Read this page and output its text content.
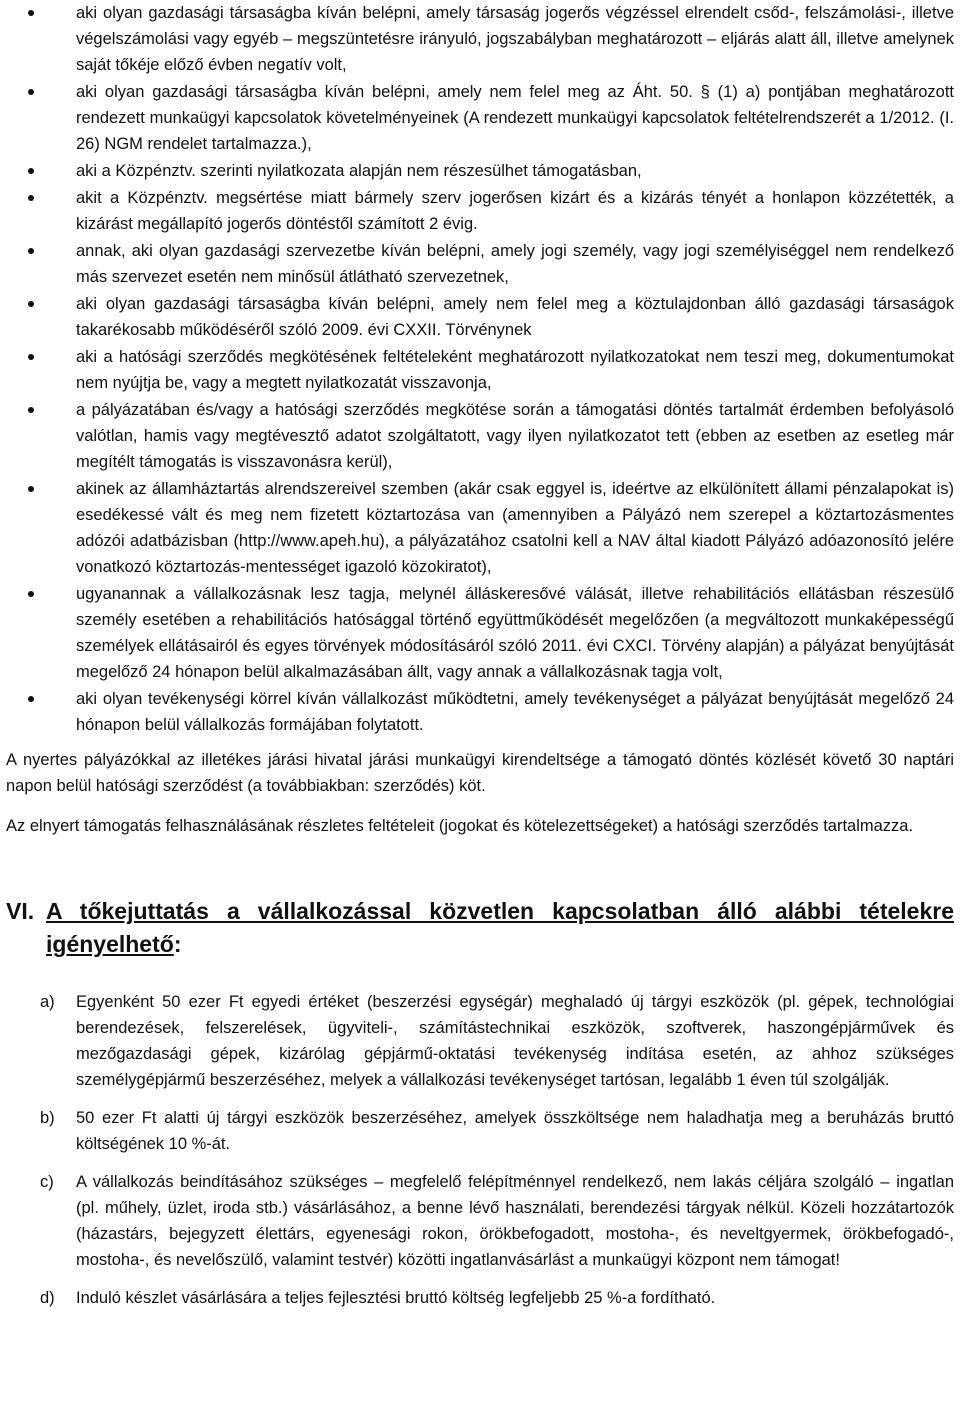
aki olyan gazdasági társaságba kíván belépni, amely társaság jogerős végzéssel elrendelt csőd-, felszámolási-, illetve végelszámolási vagy egyéb – megszüntetésre irányuló, jogszabályban meghatározott – eljárás alatt áll, illetve amelynek saját tőkéje előző évben negatív volt,
aki olyan gazdasági társaságba kíván belépni, amely nem felel meg az Áht. 50. § (1) a) pontjában meghatározott rendezett munkaügyi kapcsolatok követelményeinek (A rendezett munkaügyi kapcsolatok feltételrendszerét a 1/2012. (I. 26) NGM rendelet tartalmazza.),
aki a Közpénztv. szerinti nyilatkozata alapján nem részesülhet támogatásban,
akit a Közpénztv. megsértése miatt bármely szerv jogerősen kizárt és a kizárás tényét a honlapon közzétették, a kizárást megállapító jogerős döntéstől számított 2 évig.
annak, aki olyan gazdasági szervezetbe kíván belépni, amely jogi személy, vagy jogi személyiséggel nem rendelkező más szervezet esetén nem minősül átlátható szervezetnek,
aki olyan gazdasági társaságba kíván belépni, amely nem felel meg a köztulajdonban álló gazdasági társaságok takarékosabb működéséről szóló 2009. évi CXXII. Törvénynek
aki a hatósági szerződés megkötésének feltételeként meghatározott nyilatkozatokat nem teszi meg, dokumentumokat nem nyújtja be, vagy a megtett nyilatkozatát visszavonja,
a pályázatában és/vagy a hatósági szerződés megkötése során a támogatási döntés tartalmát érdemben befolyásoló valótlan, hamis vagy megtévesztő adatot szolgáltatott, vagy ilyen nyilatkozatot tett (ebben az esetben az esetleg már megítélt támogatás is visszavonásra kerül),
akinek az államháztartás alrendszereivel szemben (akár csak eggyel is, ideértve az elkülönített állami pénzalapokat is) esedékessé vált és meg nem fizetett köztartozása van (amennyiben a Pályázó nem szerepel a köztartozásmentes adózói adatbázisban (http://www.apeh.hu), a pályázatához csatolni kell a NAV által kiadott Pályázó adóazonosító jelére vonatkozó köztartozás-mentességet igazoló közokiratot),
ugyanannak a vállalkozásnak lesz tagja, melynél álláskeresővé válását, illetve rehabilitációs ellátásban részesülő személy esetében a rehabilitációs hatósággal történő együttműködését megelőzően (a megváltozott munkaképességű személyek ellátásairól és egyes törvények módosításáról szóló 2011. évi CXCI. Törvény alapján) a pályázat benyújtását megelőző 24 hónapon belül alkalmazásában állt, vagy annak a vállalkozásnak tagja volt,
aki olyan tevékenységi körrel kíván vállalkozást működtetni, amely tevékenységet a pályázat benyújtását megelőző 24 hónapon belül vállalkozás formájában folytatott.

A nyertes pályázókkal az illetékes járási hivatal járási munkaügyi kirendeltsége a támogató döntés közlését követő 30 naptári napon belül hatósági szerződést (a továbbiakban: szerződés) köt.

Az elnyert támogatás felhasználásának részletes feltételeit (jogokat és kötelezettségeket) a hatósági szerződés tartalmazza.

VI. A tőkejuttatás a vállalkozással közvetlen kapcsolatban álló alábbi tételekre igényelhető:
a) Egyenként 50 ezer Ft egyedi értéket (beszerzési egységár) meghaladó új tárgyi eszközök (pl. gépek, technológiai berendezések, felszerelések, ügyviteli-, számítástechnikai eszközök, szoftverek, haszongépjárművek és mezőgazdasági gépek, kizárólag gépjármű-oktatási tevékenység indítása esetén, az ahhoz szükséges személygépjármű beszerzéséhez, melyek a vállalkozási tevékenységet tartósan, legalább 1 éven túl szolgálják.
b) 50 ezer Ft alatti új tárgyi eszközök beszerzéséhez, amelyek összköltsége nem haladhatja meg a beruházás bruttó költségének 10 %-át.
c) A vállalkozás beindításához szükséges – megfelelő felépítménnyel rendelkező, nem lakás céljára szolgáló – ingatlan (pl. műhely, üzlet, iroda stb.) vásárlásához, a benne lévő használati, berendezési tárgyak nélkül. Közeli hozzátartozók (házastárs, bejegyzett élettárs, egyenesági rokon, örökbefogadott, mostoha-, és neveltgyermek, örökbefogadó-, mostoha-, és nevelőszülő, valamint testvér) közötti ingatlanvásárlást a munkaügyi központ nem támogat!
d) Induló készlet vásárlására a teljes fejlesztési bruttó költség legfeljebb 25 %-a fordítható.
